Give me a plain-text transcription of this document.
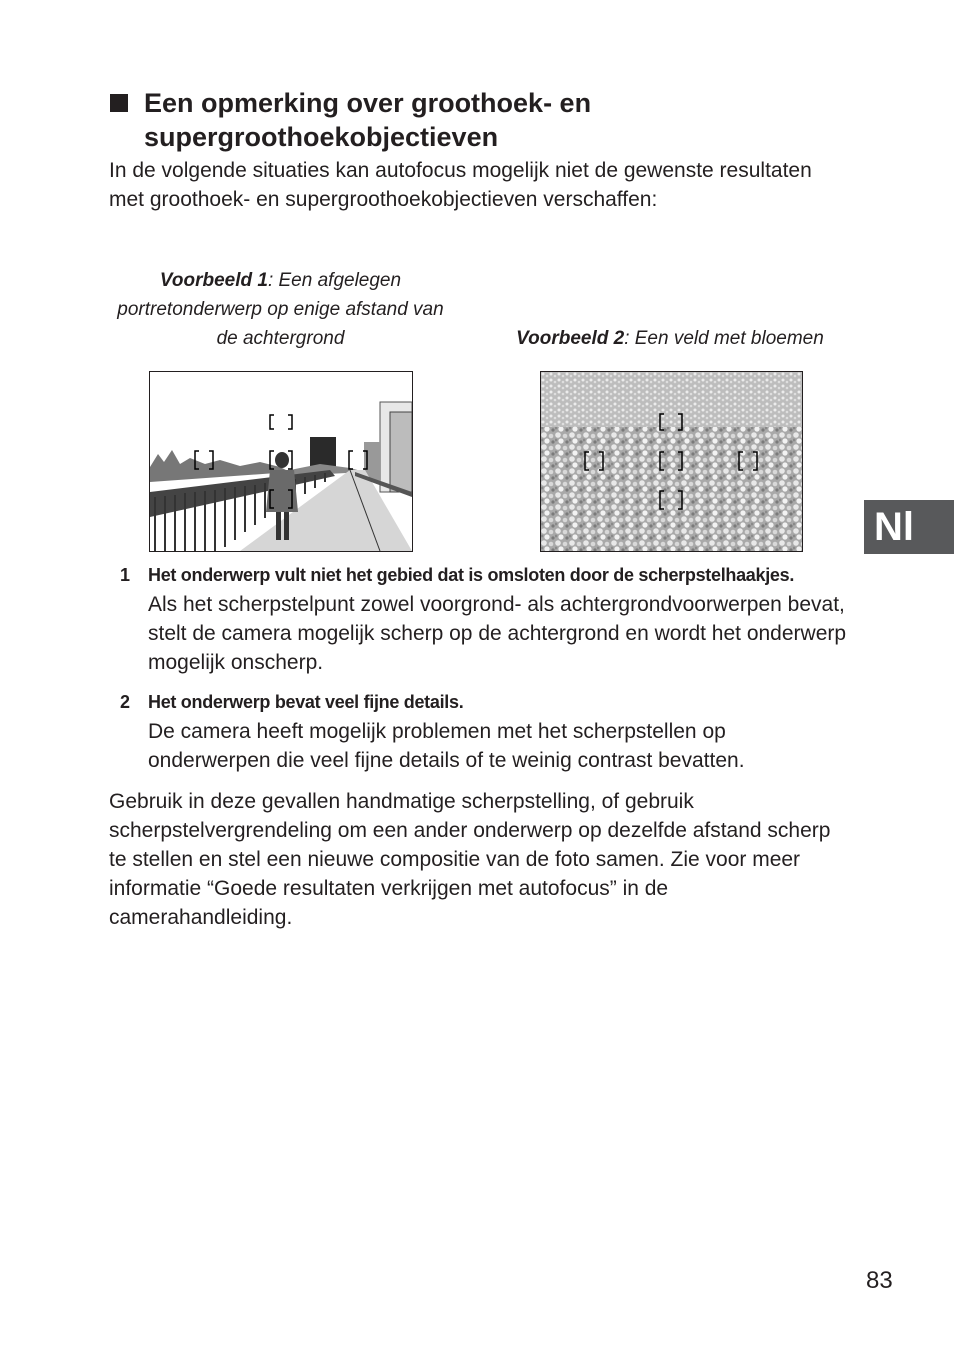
Een opmerking over groothoek- en supergroothoekobjectieven
In de volgende situaties kan autofocus mogelijk niet de gewenste resultaten met groothoek- en supergroothoekobjectieven verschaffen:
Voorbeeld 1: Een afgelegen portretonderwerp op enige afstand van de achtergrond	Voorbeeld 2: Een veld met bloemen
1 Het onderwerp vult niet het gebied dat is omsloten door de scherpstelhaakjes.
Als het scherpstelpunt zowel voorgrond- als achtergrondvoorwerpen bevat, stelt de camera mogelijk scherp op de achtergrond en wordt het onderwerp mogelijk onscherp.
2 Het onderwerp bevat veel fijne details.
De camera heeft mogelijk problemen met het scherpstellen op onderwerpen die veel fijne details of te weinig contrast bevatten.
Gebruik in deze gevallen handmatige scherpstelling, of gebruik scherpstelvergrendeling om een ander onderwerp op dezelfde afstand scherp te stellen en stel een nieuwe compositie van de foto samen. Zie voor meer informatie “Goede resultaten verkrijgen met autofocus” in de camerahandleiding.
Nl
83
